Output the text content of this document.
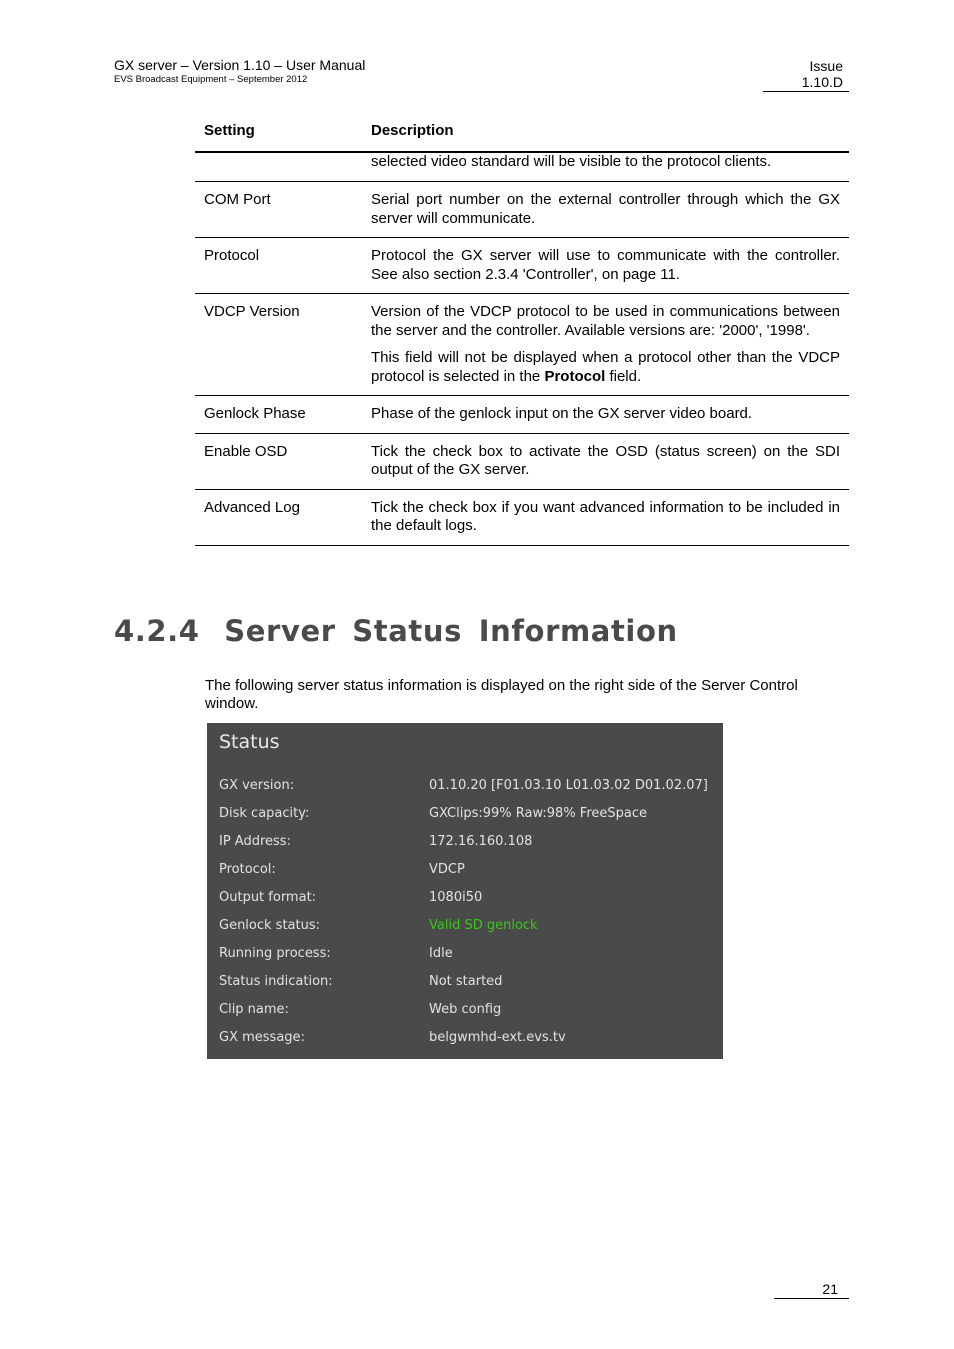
GX server – Version 1.10 – User Manual
EVS Broadcast Equipment – September 2012
Issue
1.10.D
Setting	Description

	selected video standard will be visible to the protocol clients.

COM Port	Serial port number on the external controller through which the GX server will communicate.

Protocol	Protocol the GX server will use to communicate with the controller. See also section 2.3.4 'Controller', on page 11.

VDCP Version	Version of the VDCP protocol to be used in communications between the server and the controller. Available versions are: '2000', '1998'.

This field will not be displayed when a protocol other than the VDCP protocol is selected in the Protocol field.

Genlock Phase	Phase of the genlock input on the GX server video board.

Enable OSD	Tick the check box to activate the OSD (status screen) on the SDI output of the GX server.

Advanced Log	Tick the check box if you want advanced information to be included in the default logs.

4.2.4 Server Status Information

The following server status information is displayed on the right side of the Server Control window.

Status
GX version:	01.10.20 [F01.03.10 L01.03.02 D01.02.07]
Disk capacity:	GXClips:99% Raw:98% FreeSpace
IP Address:	172.16.160.108
Protocol:	VDCP
Output format:	1080i50
Genlock status:	Valid SD genlock
Running process:	Idle
Status indication:	Not started
Clip name:	Web config
GX message:	belgwmhd-ext.evs.tv
21
